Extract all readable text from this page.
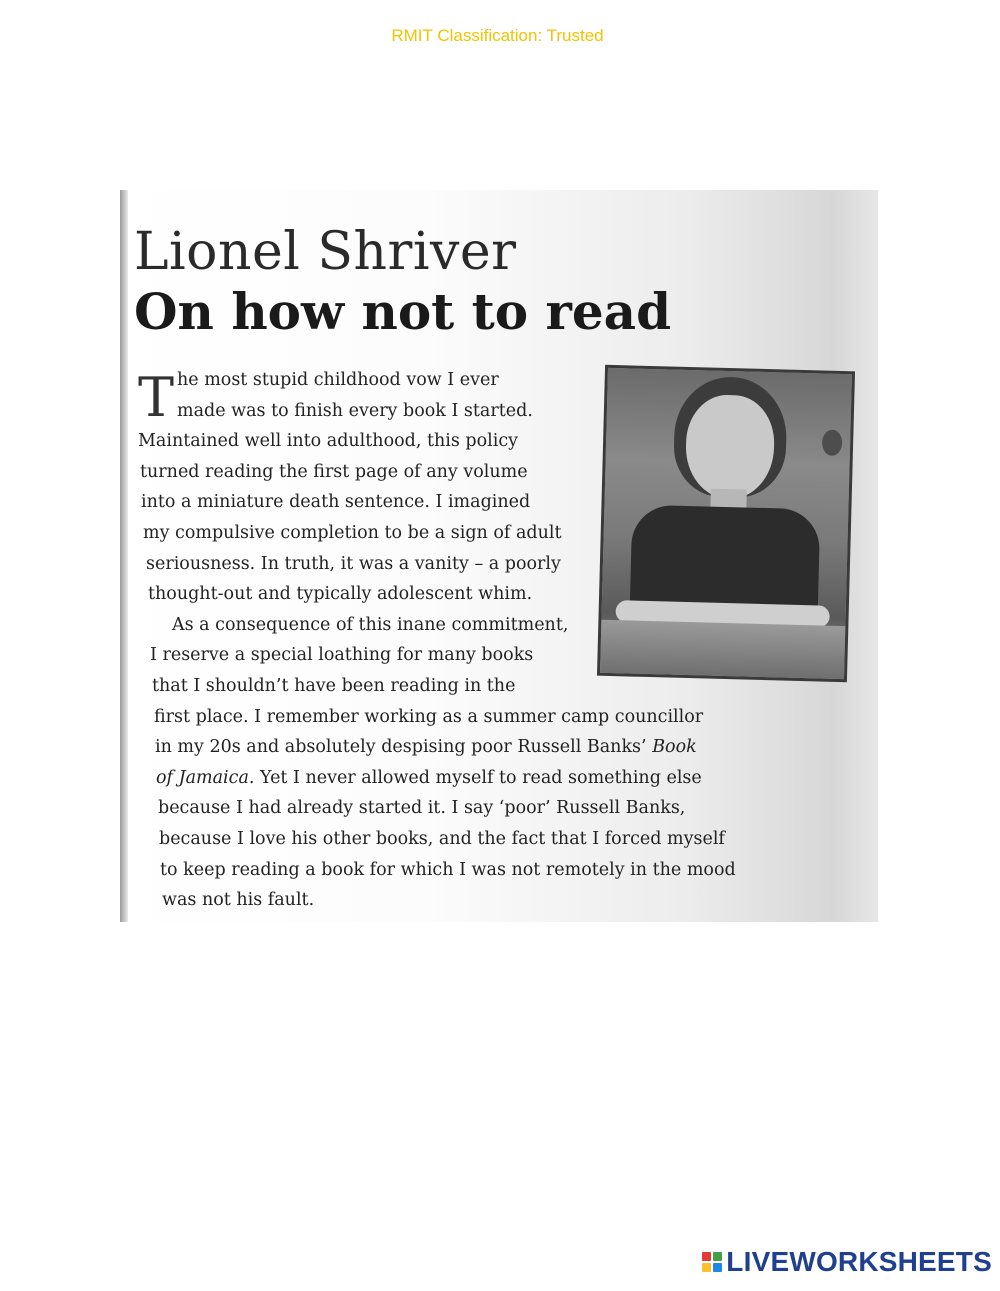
RMIT Classification: Trusted
Lionel Shriver
On how not to read
T he most stupid childhood vow I ever
made was to finish every book I started.
Maintained well into adulthood, this policy
turned reading the first page of any volume
into a miniature death sentence. I imagined
my compulsive completion to be a sign of adult
seriousness. In truth, it was a vanity – a poorly
thought-out and typically adolescent whim.
As a consequence of this inane commitment,
I reserve a special loathing for many books
that I shouldn’t have been reading in the
first place. I remember working as a summer camp councillor
in my 20s and absolutely despising poor Russell Banks’ Book
of Jamaica. Yet I never allowed myself to read something else
because I had already started it. I say ‘poor’ Russell Banks,
because I love his other books, and the fact that I forced myself
to keep reading a book for which I was not remotely in the mood
was not his fault.
LIVEWORKSHEETS
